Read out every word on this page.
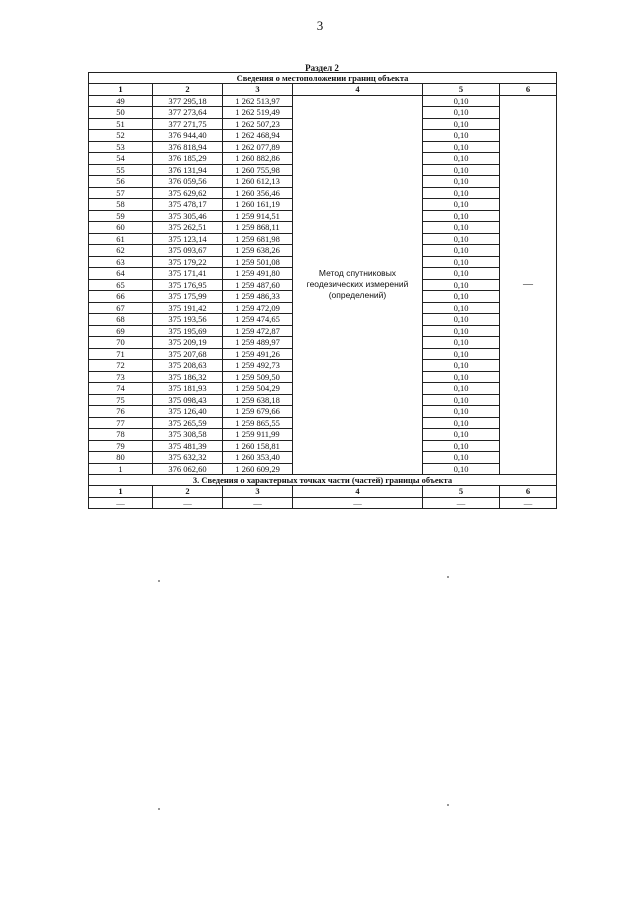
3
Раздел 2
Сведения о местоположении границ объекта					
1	2	3	4	5	6
49	377 295,18	1 262 513,97	Метод спутниковых геодезических измерений (определений)	0,10	—
50	377 273,64	1 262 519,49		0,10	
51	377 271,75	1 262 507,23		0,10	
52	376 944,40	1 262 468,94		0,10	
53	376 818,94	1 262 077,89		0,10	
54	376 185,29	1 260 882,86		0,10	
55	376 131,94	1 260 755,98		0,10	
56	376 059,56	1 260 612,13		0,10	
57	375 629,62	1 260 356,46		0,10	
58	375 478,17	1 260 161,19		0,10	
59	375 305,46	1 259 914,51		0,10	
60	375 262,51	1 259 868,11		0,10	
61	375 123,14	1 259 681,98		0,10	
62	375 093,67	1 259 638,26		0,10	
63	375 179,22	1 259 501,08		0,10	
64	375 171,41	1 259 491,80		0,10	
65	375 176,95	1 259 487,60		0,10	
66	375 175,99	1 259 486,33		0,10	
67	375 191,42	1 259 472,09		0,10	
68	375 193,56	1 259 474,65		0,10	
69	375 195,69	1 259 472,87		0,10	
70	375 209,19	1 259 489,97		0,10	
71	375 207,68	1 259 491,26		0,10	
72	375 208,63	1 259 492,73		0,10	
73	375 186,32	1 259 509,50		0,10	
74	375 181,93	1 259 504,29		0,10	
75	375 098,43	1 259 638,18		0,10	
76	375 126,40	1 259 679,66		0,10	
77	375 265,59	1 259 865,55		0,10	
78	375 308,58	1 259 911,99		0,10	
79	375 481,39	1 260 158,81		0,10	
80	375 632,32	1 260 353,40		0,10	
1	376 062,60	1 260 609,29		0,10	
3. Сведения о характерных точках части (частей) границы объекта					
1	2	3	4	5	6
—	—	—	—	—	—
